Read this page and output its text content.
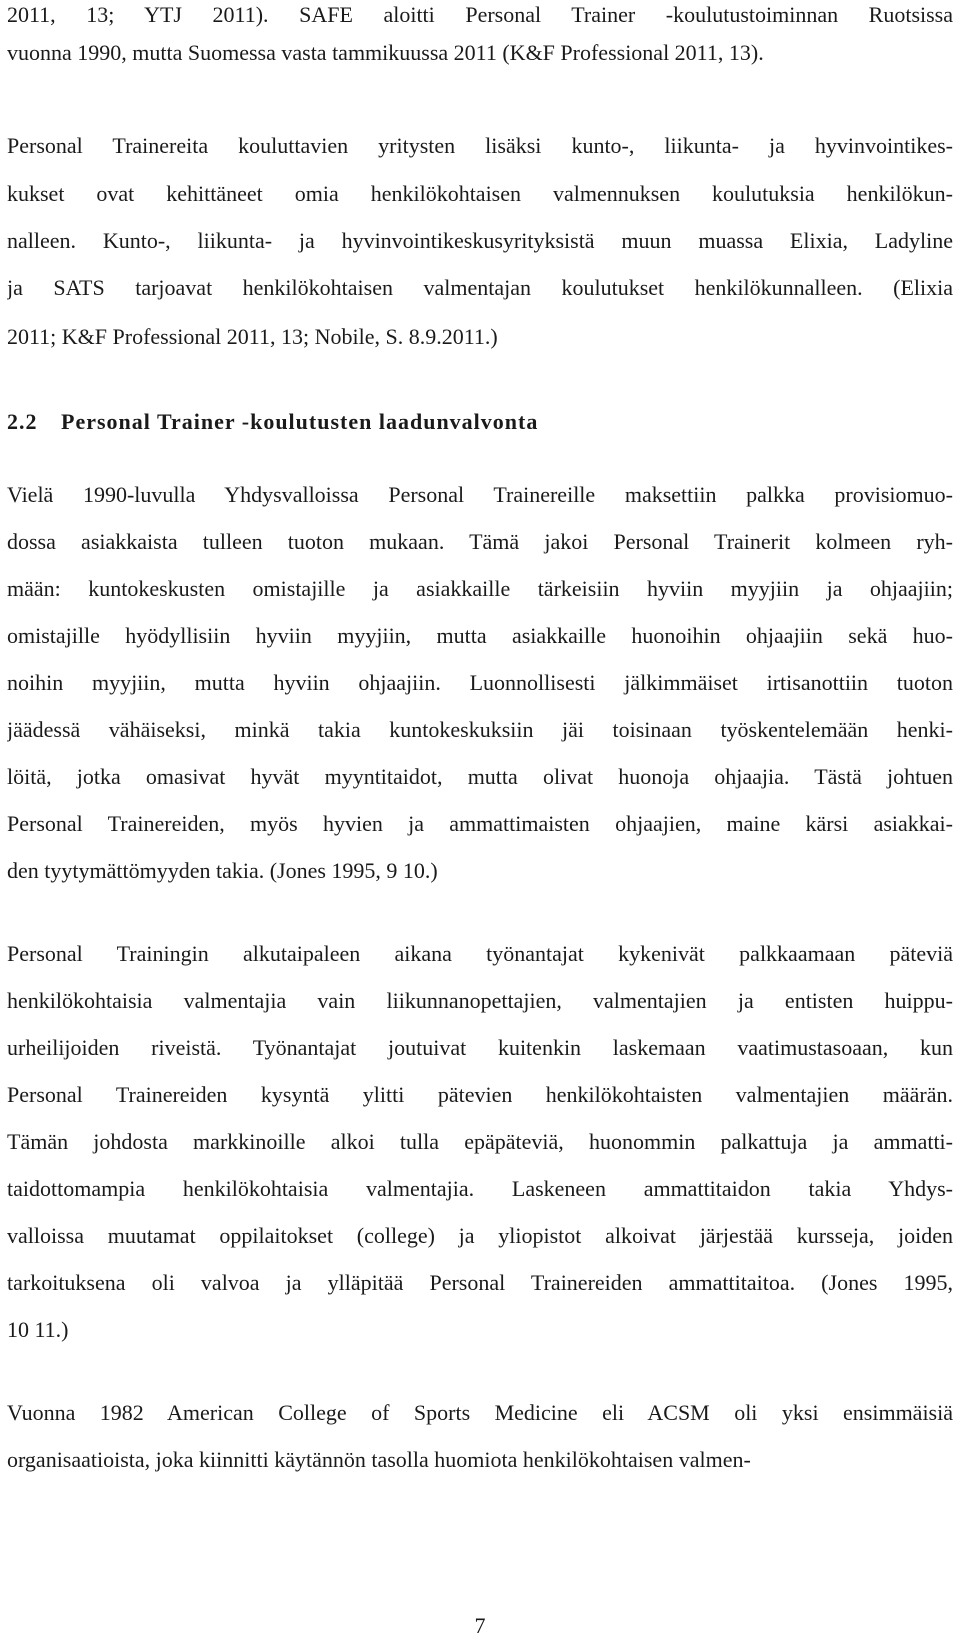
2011, 13; YTJ 2011). SAFE aloitti Personal Trainer -koulutustoiminnan Ruotsissa
vuonna 1990, mutta Suomessa vasta tammikuussa 2011 (K&F Professional 2011, 13).
Personal Trainereita kouluttavien yritysten lisäksi kunto-, liikunta- ja hyvinvointikes-
kukset ovat kehittäneet omia henkilökohtaisen valmennuksen koulutuksia henkilökun-
nalleen. Kunto-, liikunta- ja hyvinvointikeskusyrityksistä muun muassa Elixia, Ladyline
ja SATS tarjoavat henkilökohtaisen valmentajan koulutukset henkilökunnalleen. (Elixia
2011; K&F Professional 2011, 13; Nobile, S. 8.9.2011.)
2.2 Personal Trainer -koulutusten laadunvalvonta
Vielä 1990-luvulla Yhdysvalloissa Personal Trainereille maksettiin palkka provisiomuo-
dossa asiakkaista tulleen tuoton mukaan. Tämä jakoi Personal Trainerit kolmeen ryh-
mään: kuntokeskusten omistajille ja asiakkaille tärkeisiin hyviin myyjiin ja ohjaajiin;
omistajille hyödyllisiin hyviin myyjiin, mutta asiakkaille huonoihin ohjaajiin sekä huo-
noihin myyjiin, mutta hyviin ohjaajiin. Luonnollisesti jälkimmäiset irtisanottiin tuoton
jäädessä vähäiseksi, minkä takia kuntokeskuksiin jäi toisinaan työskentelemään henki-
löitä, jotka omasivat hyvät myyntitaidot, mutta olivat huonoja ohjaajia. Tästä johtuen
Personal Trainereiden, myös hyvien ja ammattimaisten ohjaajien, maine kärsi asiakkai-
den tyytymättömyyden takia. (Jones 1995, 9 10.)
Personal Trainingin alkutaipaleen aikana työnantajat kykenivät palkkaamaan päteviä
henkilökohtaisia valmentajia vain liikunnanopettajien, valmentajien ja entisten huippu-
urheilijoiden riveistä. Työnantajat joutuivat kuitenkin laskemaan vaatimustasoaan, kun
Personal Trainereiden kysyntä ylitti pätevien henkilökohtaisten valmentajien määrän.
Tämän johdosta markkinoille alkoi tulla epäpäteviä, huonommin palkattuja ja ammatti-
taidottomampia henkilökohtaisia valmentajia. Laskeneen ammattitaidon takia Yhdys-
valloissa muutamat oppilaitokset (college) ja yliopistot alkoivat järjestää kursseja, joiden
tarkoituksena oli valvoa ja ylläpitää Personal Trainereiden ammattitaitoa. (Jones 1995,
10 11.)
Vuonna 1982 American College of Sports Medicine eli ACSM oli yksi ensimmäisiä
organisaatioista, joka kiinnitti käytännön tasolla huomiota henkilökohtaisen valmen-
7
